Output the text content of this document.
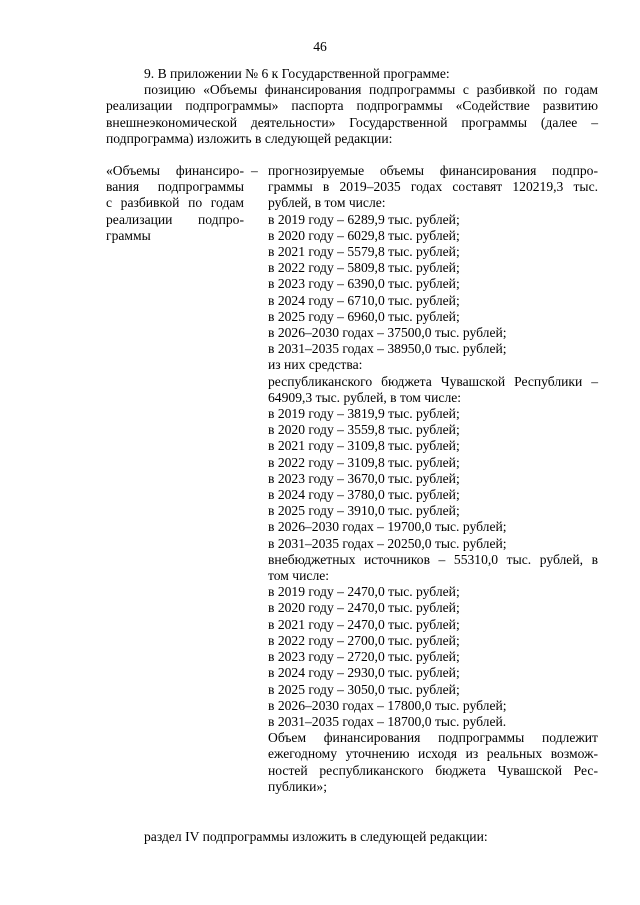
46
9. В приложении № 6 к Государственной программе:
позицию «Объемы финансирования подпрограммы с разбивкой по годам
реализации подпрограммы» паспорта подпрограммы «Содействие развитию
внешнеэкономической деятельности» Государственной программы (далее –
подпрограмма) изложить в следующей редакции:
«Объемы финансиро-
вания подпрограммы
с разбивкой по годам
реализации подпро-
граммы
– прогнозируемые объемы финансирования подпро-
граммы в 2019–2035 годах составят 120219,3 тыс.
рублей, в том числе:
в 2019 году – 6289,9 тыс. рублей;
в 2020 году – 6029,8 тыс. рублей;
в 2021 году – 5579,8 тыс. рублей;
в 2022 году – 5809,8 тыс. рублей;
в 2023 году – 6390,0 тыс. рублей;
в 2024 году – 6710,0 тыс. рублей;
в 2025 году – 6960,0 тыс. рублей;
в 2026–2030 годах – 37500,0 тыс. рублей;
в 2031–2035 годах – 38950,0 тыс. рублей;
из них средства:
республиканского бюджета Чувашской Республики –
64909,3 тыс. рублей, в том числе:
в 2019 году – 3819,9 тыс. рублей;
в 2020 году – 3559,8 тыс. рублей;
в 2021 году – 3109,8 тыс. рублей;
в 2022 году – 3109,8 тыс. рублей;
в 2023 году – 3670,0 тыс. рублей;
в 2024 году – 3780,0 тыс. рублей;
в 2025 году – 3910,0 тыс. рублей;
в 2026–2030 годах – 19700,0 тыс. рублей;
в 2031–2035 годах – 20250,0 тыс. рублей;
внебюджетных источников – 55310,0 тыс. рублей, в
том числе:
в 2019 году – 2470,0 тыс. рублей;
в 2020 году – 2470,0 тыс. рублей;
в 2021 году – 2470,0 тыс. рублей;
в 2022 году – 2700,0 тыс. рублей;
в 2023 году – 2720,0 тыс. рублей;
в 2024 году – 2930,0 тыс. рублей;
в 2025 году – 3050,0 тыс. рублей;
в 2026–2030 годах – 17800,0 тыс. рублей;
в 2031–2035 годах – 18700,0 тыс. рублей.
Объем финансирования подпрограммы подлежит
ежегодному уточнению исходя из реальных возмож-
ностей республиканского бюджета Чувашской Рес-
публики»;
раздел IV подпрограммы изложить в следующей редакции:
